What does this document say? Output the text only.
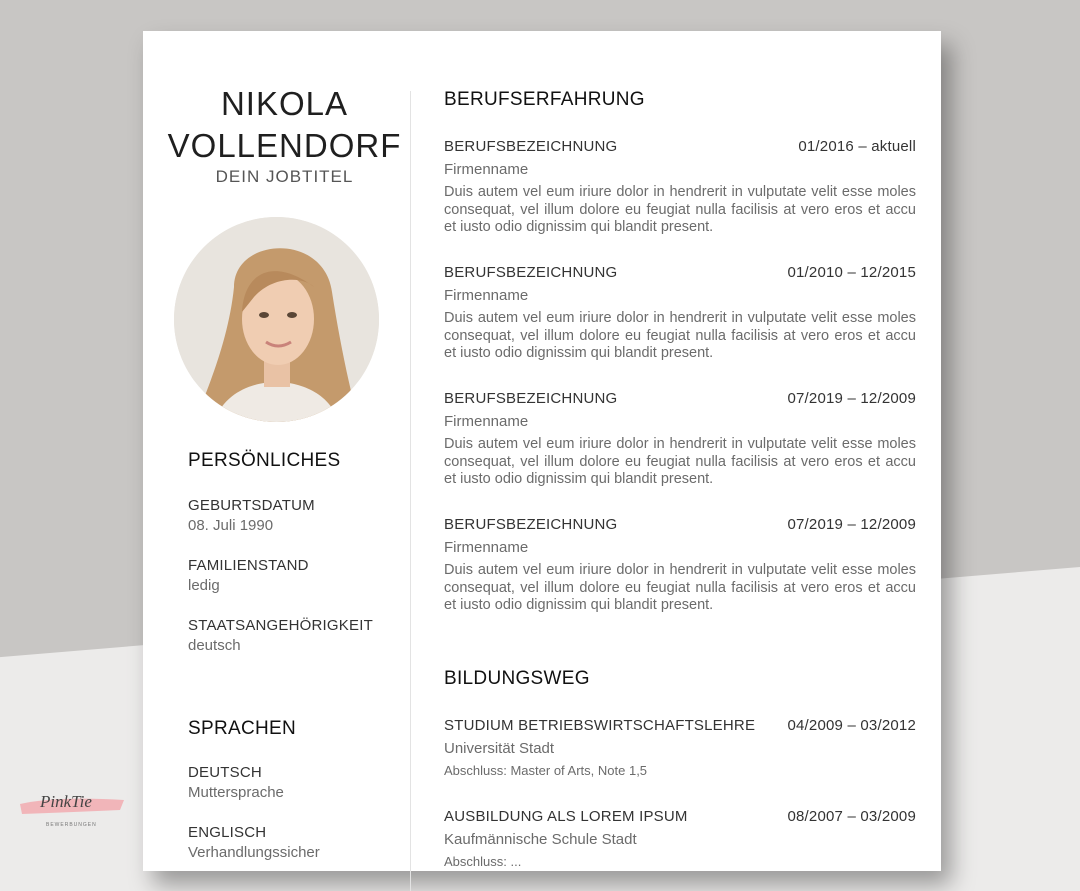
NIKOLA
VOLLENDORF
DEIN JOBTITEL
PERSÖNLICHES
GEBURTSDATUM
08. Juli 1990
FAMILIENSTAND
ledig
STAATSANGEHÖRIGKEIT
deutsch
SPRACHEN
DEUTSCH
Muttersprache
ENGLISCH
Verhandlungssicher
BERUFSERFAHRUNG
BERUFSBEZEICHNUNG	01/2016 – aktuell
Firmenname
Duis autem vel eum iriure dolor in hendrerit in vulputate velit esse moles consequat, vel illum dolore eu feugiat nulla facilisis at vero eros et accu et iusto odio dignissim qui blandit present.
BERUFSBEZEICHNUNG	01/2010 – 12/2015
Firmenname
Duis autem vel eum iriure dolor in hendrerit in vulputate velit esse moles consequat, vel illum dolore eu feugiat nulla facilisis at vero eros et accu et iusto odio dignissim qui blandit present.
BERUFSBEZEICHNUNG	07/2019 – 12/2009
Firmenname
Duis autem vel eum iriure dolor in hendrerit in vulputate velit esse moles consequat, vel illum dolore eu feugiat nulla facilisis at vero eros et accu et iusto odio dignissim qui blandit present.
BERUFSBEZEICHNUNG	07/2019 – 12/2009
Firmenname
Duis autem vel eum iriure dolor in hendrerit in vulputate velit esse moles consequat, vel illum dolore eu feugiat nulla facilisis at vero eros et accu et iusto odio dignissim qui blandit present.
BILDUNGSWEG
STUDIUM BETRIEBSWIRTSCHAFTSLEHRE 04/2009 – 03/2012
Universität Stadt
Abschluss: Master of Arts, Note 1,5
AUSBILDUNG ALS LOREM IPSUM	08/2007 – 03/2009
Kaufmännische Schule Stadt
Abschluss: ...
PinkTie
BEWERBUNGEN
